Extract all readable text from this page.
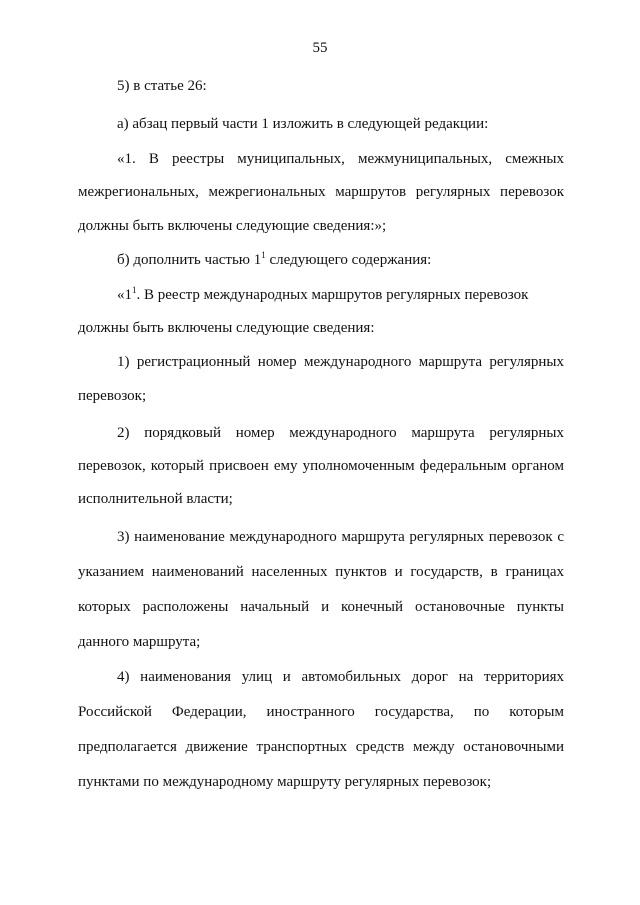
55
5) в статье 26:
а) абзац первый части 1 изложить в следующей редакции:
«1. В реестры муниципальных, межмуниципальных, смежных
межрегиональных, межрегиональных маршрутов регулярных перевозок
должны быть включены следующие сведения:»;
б) дополнить частью $1^1$ следующего содержания:
«$1^1$. В реестр международных маршрутов регулярных перевозок
должны быть включены следующие сведения:
1) регистрационный номер международного маршрута регулярных
перевозок;
2) порядковый номер международного маршрута регулярных
перевозок, который присвоен ему уполномоченным федеральным органом
исполнительной власти;
3) наименование международного маршрута регулярных перевозок с
указанием наименований населенных пунктов и государств, в границах
которых расположены начальный и конечный остановочные пункты
данного маршрута;
4) наименования улиц и автомобильных дорог на территориях
Российской Федерации, иностранного государства, по которым
предполагается движение транспортных средств между остановочными
пунктами по международному маршруту регулярных перевозок;
